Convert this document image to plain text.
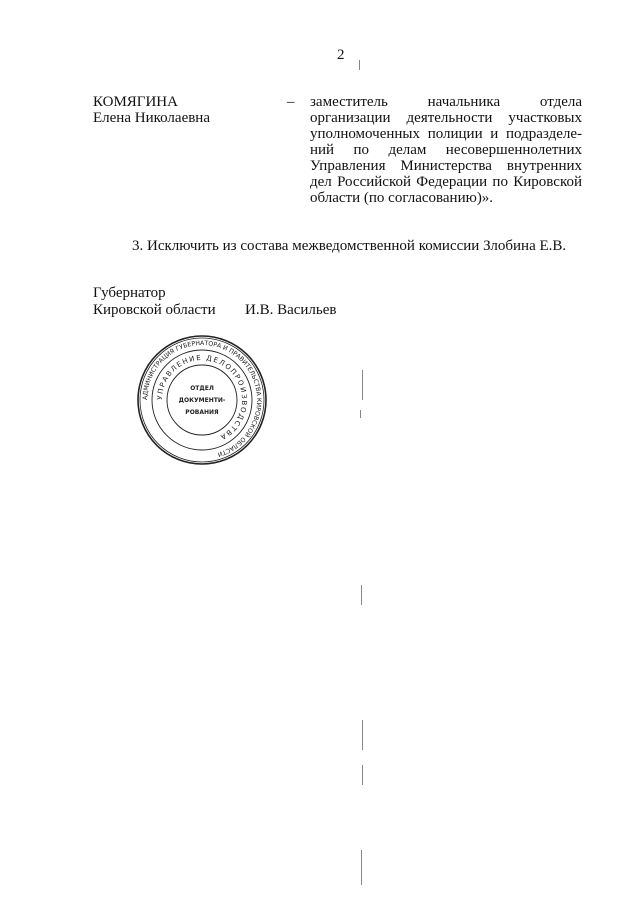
2
КОМЯГИНА
Елена Николаевна
– заместитель начальника отдела
организации деятельности участковых
уполномоченных полиции и подразделе-
ний по делам несовершеннолетних
Управления Министерства внутренних
дел Российской Федерации по Кировской
области (по согласованию)».
3. Исключить из состава межведомственной комиссии Злобина Е.В.
Губернатор
Кировской области И.В. Васильев
АДМИНИСТРАЦИЯ ГУБЕРНАТОРА И ПРАВИТЕЛЬСТВА КИРОВСКОЙ ОБЛАСТИ
УПРАВЛЕНИЕ ДЕЛОПРОИЗВОДСТВА
ОТДЕЛ
ДОКУМЕНТИ-
РОВАНИЯ
